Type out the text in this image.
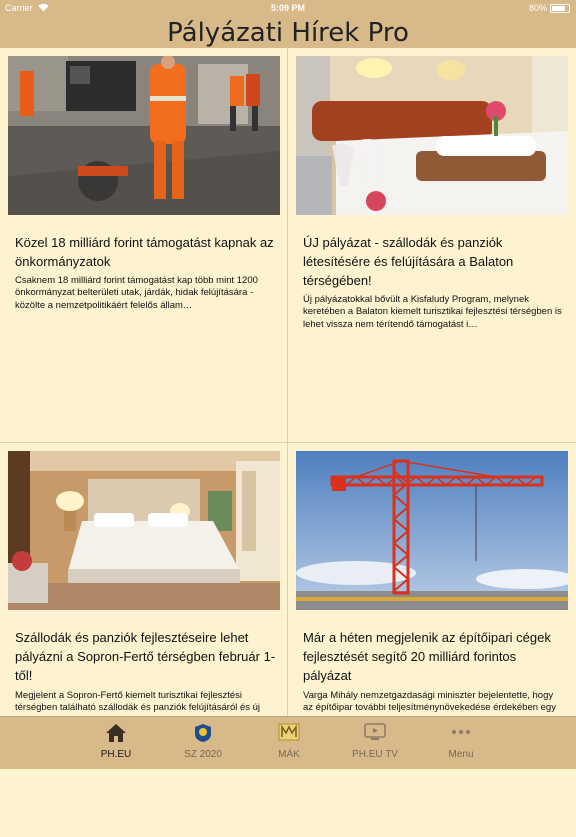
Carrier	5:09 PM	80%
Pályázati Hírek Pro
Közel 18 milliárd forint támogatást kapnak az önkormányzatok
Csaknem 18 milliárd forint támogatást kap több mint 1200 önkormányzat belterületi utak, járdák, hidak felújítására - közölte a nemzetpolitikáért felelős állam…
ÚJ pályázat - szállodák és panziók létesítésére és felújítására a Balaton térségében!
Új pályázatokkal bővült a Kisfaludy Program, melynek keretében a Balaton kiemelt turisztikai fejlesztési térségben is lehet vissza nem térítendő támogatást i…
Szállodák és panziók fejlesztéseire lehet pályázni a Sopron-Fertő térségben február 1-től!
Megjelent a Sopron-Fertő kiemelt turisztikai fejlesztési térségben található szállodák és panziók felújításáról és új
Már a héten megjelenik az építőipari cégek fejlesztését segítő 20 milliárd forintos pályázat
Varga Mihály nemzetgazdasági miniszter bejelentette, hogy az építőipar további teljesítménynövekedése érdekében egy
PH.EU	SZ 2020	MÁK	PH.EU TV	Menu
